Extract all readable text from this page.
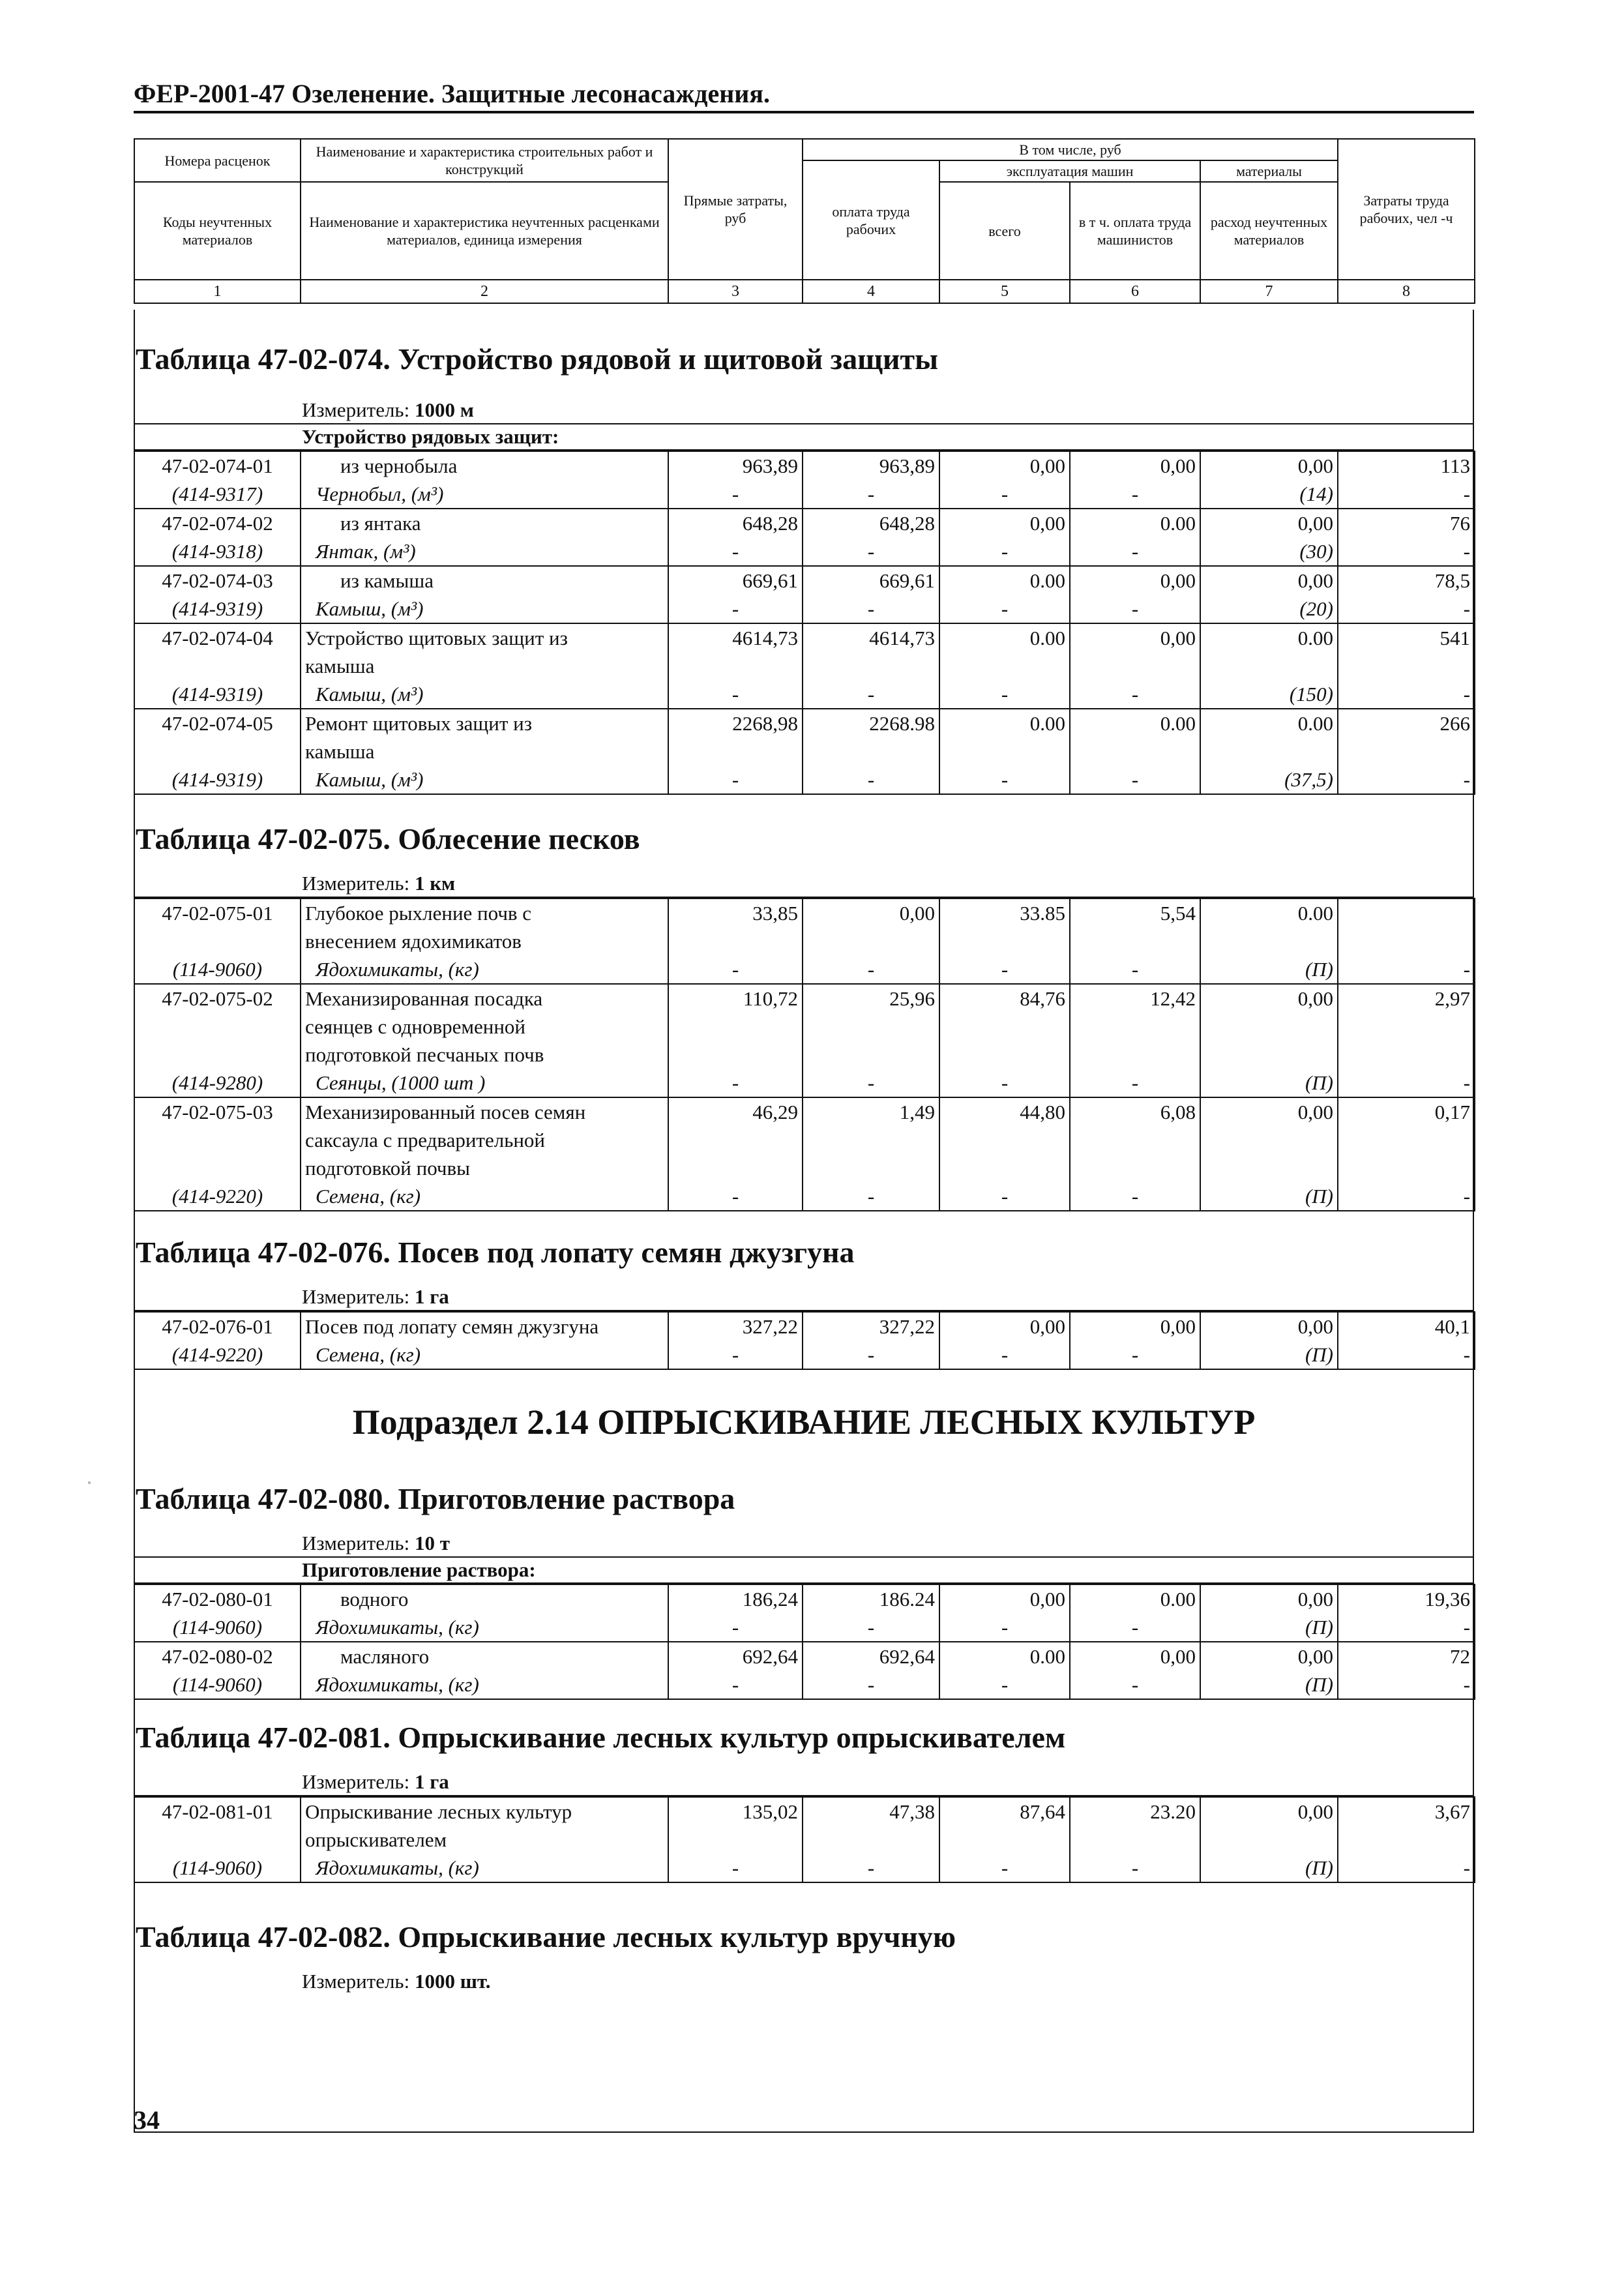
ФЕР-2001-47 Озеленение. Защитные лесонасаждения.
Номера расценок	Наименование и характеристика строительных работ и конструкций	Прямые затраты, руб	В том числе, руб				Затраты труда рабочих, чел -ч
			оплата труда рабочих	эксплуатация машин		материалы	

Коды неучтенных материалов	Наименование и характеристика неучтенных расценками материалов, единица измерения			всего	в т ч. оплата труда машинистов	расход неучтенных материалов	
1	2	3	4	5	6	7	8
Таблица 47-02-074. Устройство рядовой и щитовой защиты
Измеритель: 1000 м
Устройство рядовых защит:
47-02-074-01	из чернобыла	963,89	963,89	0,00	0,00	0,00	113
(414-9317)	Чернобыл, (м³)	-	-	-	-	(14)	-
47-02-074-02	из янтака	648,28	648,28	0,00	0.00	0,00	76
(414-9318)	Янтак, (м³)	-	-	-	-	(30)	-
47-02-074-03	из камыша	669,61	669,61	0.00	0,00	0,00	78,5
(414-9319)	Камыш, (м³)	-	-	-	-	(20)	-
47-02-074-04	Устройство щитовых защит из	4614,73	4614,73	0.00	0,00	0.00	541
	камыша						
(414-9319)	Камыш, (м³)	-	-	-	-	(150)	-
47-02-074-05	Ремонт щитовых защит из	2268,98	2268.98	0.00	0.00	0.00	266
	камыша						
(414-9319)	Камыш, (м³)	-	-	-	-	(37,5)	-
Таблица 47-02-075. Облесение песков
Измеритель: 1 км
47-02-075-01	Глубокое рыхление почв с	33,85	0,00	33.85	5,54	0.00	
	внесением ядохимикатов						
(114-9060)	Ядохимикаты, (кг)	-	-	-	-	(П)	-
47-02-075-02	Механизированная посадка	110,72	25,96	84,76	12,42	0,00	2,97
	сеянцев с одновременной						
	подготовкой песчаных почв						
(414-9280)	Сеянцы, (1000 шт )	-	-	-	-	(П)	-
47-02-075-03	Механизированный посев семян	46,29	1,49	44,80	6,08	0,00	0,17
	саксаула с предварительной						
	подготовкой почвы						
(414-9220)	Семена, (кг)	-	-	-	-	(П)	-
Таблица 47-02-076. Посев под лопату семян джузгуна
Измеритель: 1 га
47-02-076-01	Посев под лопату семян джузгуна	327,22	327,22	0,00	0,00	0,00	40,1
(414-9220)	Семена, (кг)	-	-	-	-	(П)	-
Подраздел 2.14 ОПРЫСКИВАНИЕ ЛЕСНЫХ КУЛЬТУР
Таблица 47-02-080. Приготовление раствора
Измеритель: 10 т
Приготовление раствора:
47-02-080-01	водного	186,24	186.24	0,00	0.00	0,00	19,36
(114-9060)	Ядохимикаты, (кг)	-	-	-	-	(П)	-
47-02-080-02	масляного	692,64	692,64	0.00	0,00	0,00	72
(114-9060)	Ядохимикаты, (кг)	-	-	-	-	(П)	-
Таблица 47-02-081. Опрыскивание лесных культур опрыскивателем
Измеритель: 1 га
47-02-081-01	Опрыскивание лесных культур	135,02	47,38	87,64	23.20	0,00	3,67
	опрыскивателем						
(114-9060)	Ядохимикаты, (кг)	-	-	-	-	(П)	-
Таблица 47-02-082. Опрыскивание лесных культур вручную
Измеритель: 1000 шт.
34
